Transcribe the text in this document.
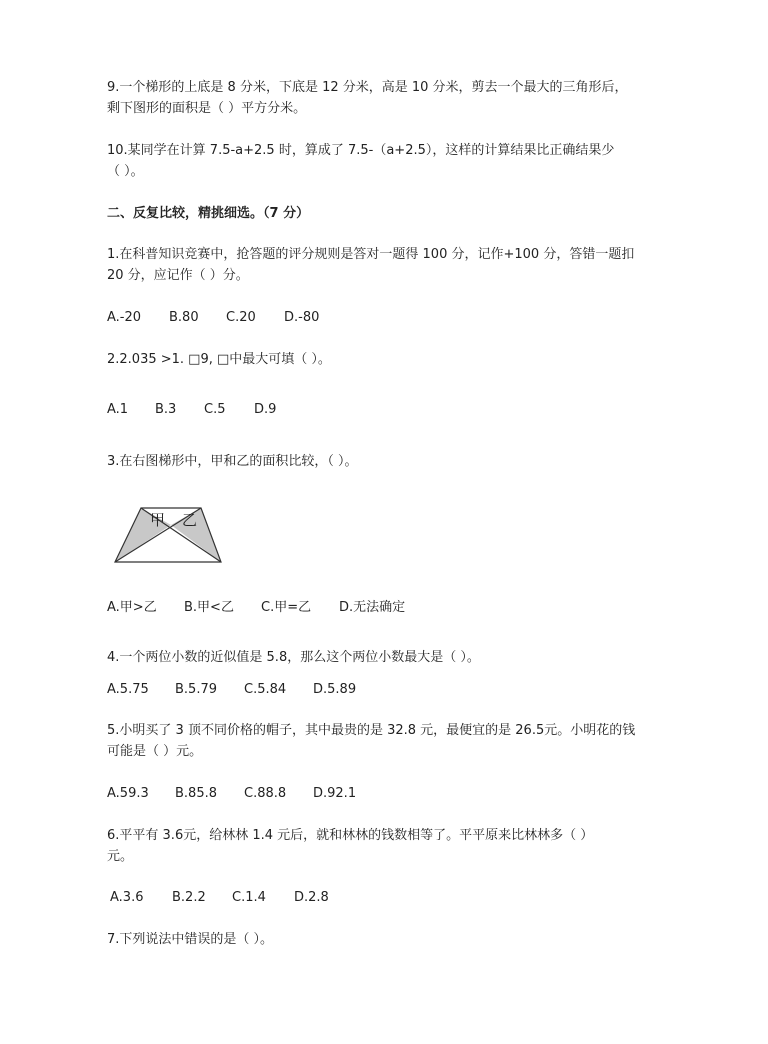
9.一个梯形的上底是 8 分米，下底是 12 分米，高是 10 分米，剪去一个最大的三角形后，
剩下图形的面积是（ ）平方分米。
10.某同学在计算 7.5-a+2.5 时，算成了 7.5-（a+2.5），这样的计算结果比正确结果少
（ ）。
二、反复比较，精挑细选。（7 分）
1.在科普知识竞赛中，抢答题的评分规则是答对一题得 100 分，记作+100 分，答错一题扣
20 分，应记作（ ）分。
A.-20 B.80 C.20 D.-80
2.2.035 >1. □9, □中最大可填（ ）。
A.1 B.3 C.5 D.9
3.在右图梯形中，甲和乙的面积比较，（ ）。
甲 乙
A.甲>乙 B.甲<乙 C.甲=乙 D.无法确定
4.一个两位小数的近似值是 5.8，那么这个两位小数最大是（ ）。
A.5.75 B.5.79 C.5.84 D.5.89
5.小明买了 3 顶不同价格的帽子，其中最贵的是 32.8 元，最便宜的是 26.5元。小明花的钱
可能是（ ）元。
A.59.3 B.85.8 C.88.8 D.92.1
6.平平有 3.6元，给林林 1.4 元后，就和林林的钱数相等了。平平原来比林林多（ ）
元。
A.3.6 B.2.2 C.1.4 D.2.8
7.下列说法中错误的是（ ）。
